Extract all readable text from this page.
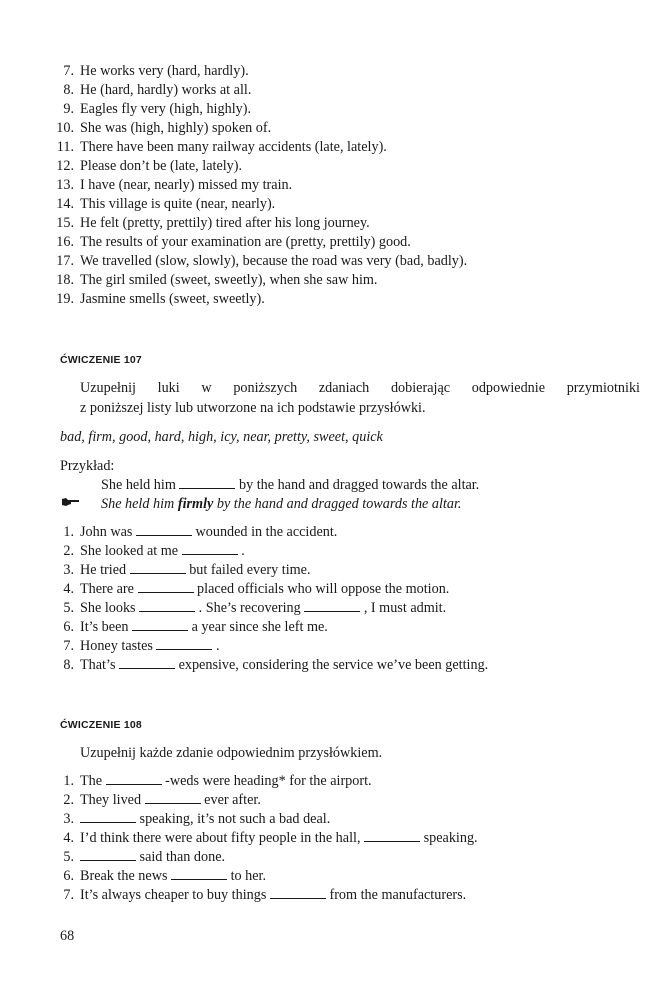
7. He works very (hard, hardly).
8. He (hard, hardly) works at all.
9. Eagles fly very (high, highly).
10. She was (high, highly) spoken of.
11. There have been many railway accidents (late, lately).
12. Please don’t be (late, lately).
13. I have (near, nearly) missed my train.
14. This village is quite (near, nearly).
15. He felt (pretty, prettily) tired after his long journey.
16. The results of your examination are (pretty, prettily) good.
17. We travelled (slow, slowly), because the road was very (bad, badly).
18. The girl smiled (sweet, sweetly), when she saw him.
19. Jasmine smells (sweet, sweetly).
ĆWICZENIE 107
Uzupełnij luki w poniższych zdaniach dobierając odpowiednie przymiotniki
z poniższej listy lub utworzone na ich podstawie przysłówki.
bad, firm, good, hard, high, icy, near, pretty, sweet, quick
Przykład:
She held him	by the hand and dragged towards the altar.
She held him firmly by the hand and dragged towards the altar.
1. John was	wounded in the accident.
2. She looked at me	.
3. He tried	but failed every time.
4. There are	placed officials who will oppose the motion.
5. She looks	. She’s recovering	, I must admit.
6. It’s been	a year since she left me.
7. Honey tastes	.
8. That’s	expensive, considering the service we’ve been getting.
ĆWICZENIE 108
Uzupełnij każde zdanie odpowiednim przysłówkiem.
1. The	-weds were heading* for the airport.
2. They lived	ever after.
3.	speaking, it’s not such a bad deal.
4. I’d think there were about fifty people in the hall,	speaking.
5.	said than done.
6. Break the news	to her.
7. It’s always cheaper to buy things	from the manufacturers.
68
